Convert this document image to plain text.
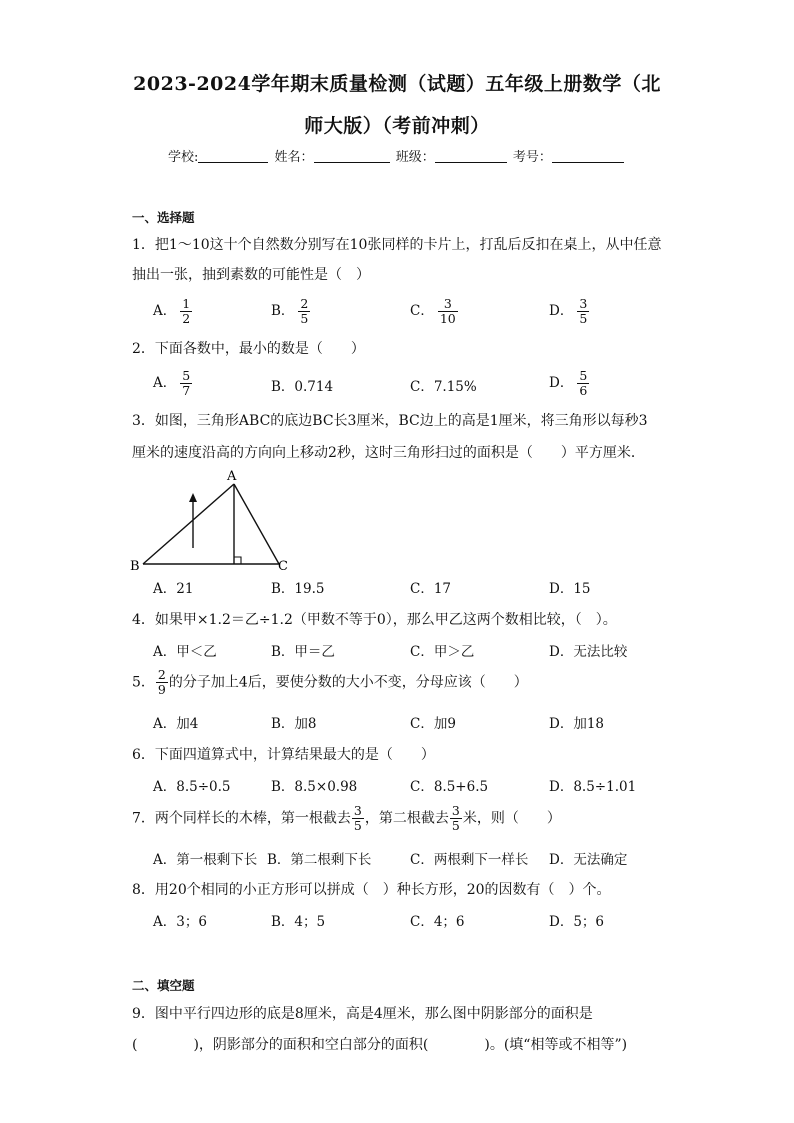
2023-2024学年期末质量检测（试题）五年级上册数学（北
师大版）（考前冲刺）
学校:	姓名：	班级：	考号：
一、选择题
1．把1～10这十个自然数分别写在10张同样的卡片上，打乱后反扣在桌上，从中任意
抽出一张，抽到素数的可能性是（　）
A． $\frac{1}{2}$	B． $\frac{2}{5}$	C． $\frac{3}{10}$	D． $\frac{3}{5}$
2．下面各数中，最小的数是（　　）
A． $\frac{5}{7}$	B．0.714	C．7.15%	D． $\frac{5}{6}$
3．如图，三角形ABC的底边BC长3厘米，BC边上的高是1厘米，将三角形以每秒3
厘米的速度沿高的方向向上移动2秒，这时三角形扫过的面积是（　　）平方厘米．
A
B	C
A．21	B．19.5	C．17	D．15
4．如果甲×1.2＝乙÷1.2（甲数不等于0），那么甲乙这两个数相比较，（　）。
A．甲＜乙	B．甲＝乙	C．甲＞乙	D．无法比较
5． $\frac{2}{9}$ 的分子加上4后，要使分数的大小不变，分母应该（　　）
A．加4	B．加8	C．加9	D．加18
6．下面四道算式中，计算结果最大的是（　　）
A．8.5÷0.5	B．8.5×0.98	C．8.5+6.5	D．8.5÷1.01
7．两个同样长的木棒，第一根截去 $\frac{3}{5}$ ，第二根截去 $\frac{3}{5}$ 米，则（　　）
A．第一根剩下长 B．第二根剩下长	C．两根剩下一样长 D．无法确定
8．用20个相同的小正方形可以拼成（　）种长方形，20的因数有（　）个。
A．3；6	B．4；5	C．4；6	D．5；6
二、填空题
9．图中平行四边形的底是8厘米，高是4厘米，那么图中阴影部分的面积是
(　　　　)，阴影部分的面积和空白部分的面积(　　　　)。(填“相等或不相等”)
